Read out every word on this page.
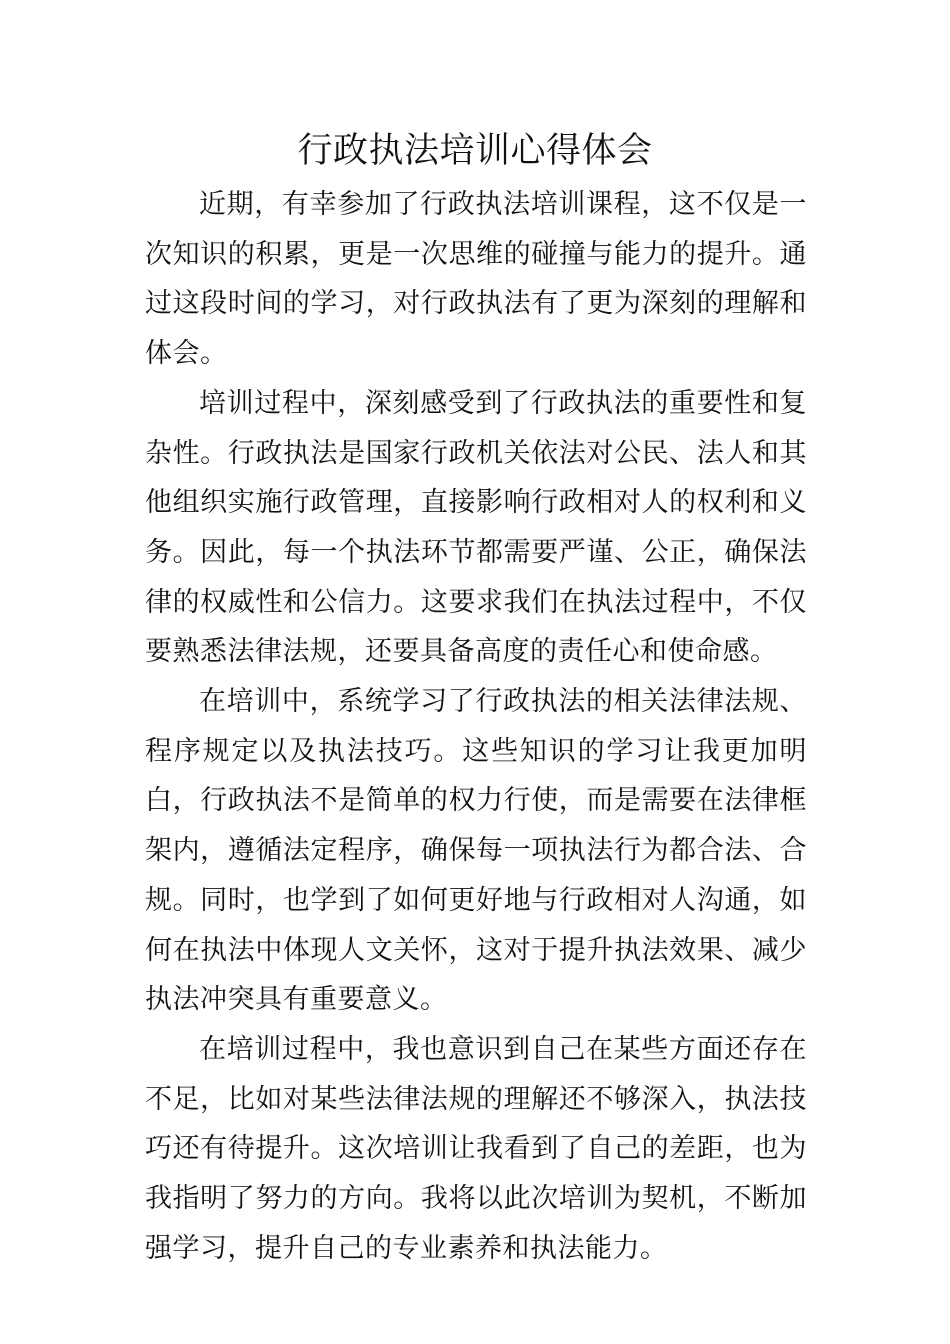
行政执法培训心得体会

近期，有幸参加了行政执法培训课程，这不仅是一次知识的积累，更是一次思维的碰撞与能力的提升。通过这段时间的学习，对行政执法有了更为深刻的理解和体会。

培训过程中，深刻感受到了行政执法的重要性和复杂性。行政执法是国家行政机关依法对公民、法人和其他组织实施行政管理，直接影响行政相对人的权利和义务。因此，每一个执法环节都需要严谨、公正，确保法律的权威性和公信力。这要求我们在执法过程中，不仅要熟悉法律法规，还要具备高度的责任心和使命感。

在培训中，系统学习了行政执法的相关法律法规、程序规定以及执法技巧。这些知识的学习让我更加明白，行政执法不是简单的权力行使，而是需要在法律框架内，遵循法定程序，确保每一项执法行为都合法、合规。同时，也学到了如何更好地与行政相对人沟通，如何在执法中体现人文关怀，这对于提升执法效果、减少执法冲突具有重要意义。

在培训过程中，我也意识到自己在某些方面还存在不足，比如对某些法律法规的理解还不够深入，执法技巧还有待提升。这次培训让我看到了自己的差距，也为我指明了努力的方向。我将以此次培训为契机，不断加强学习，提升自己的专业素养和执法能力。
